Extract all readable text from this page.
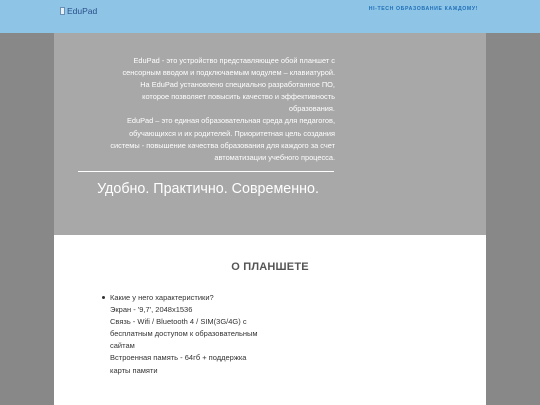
EduPad	HI-TECH ОБРАЗОВАНИЕ КАЖДОМУ!

EduPad - это устройство представляющее обой планшет с
сенсорным вводом и подключаемым модулем – клавиатурой.
На EduPad установлено специально разработанное ПО,
которое позволяет повысить качество и эффективность
образования.

EduPad – это единая образовательная среда для педагогов,
обучающихся и их родителей. Приоритетная цель создания
системы - повышение качества образования для каждого за счет
автоматизации учебного процесса.

Удобно. Практично. Современно.
О ПЛАНШЕТЕ
Какие у него характеристики?
Экран - '9,7', 2048x1536
Связь - Wifi / Bluetooth 4 / SIM(3G/4G) с
бесплатным доступом к образовательным
сайтам
Встроенная память - 64гб + поддержка
карты памяти
